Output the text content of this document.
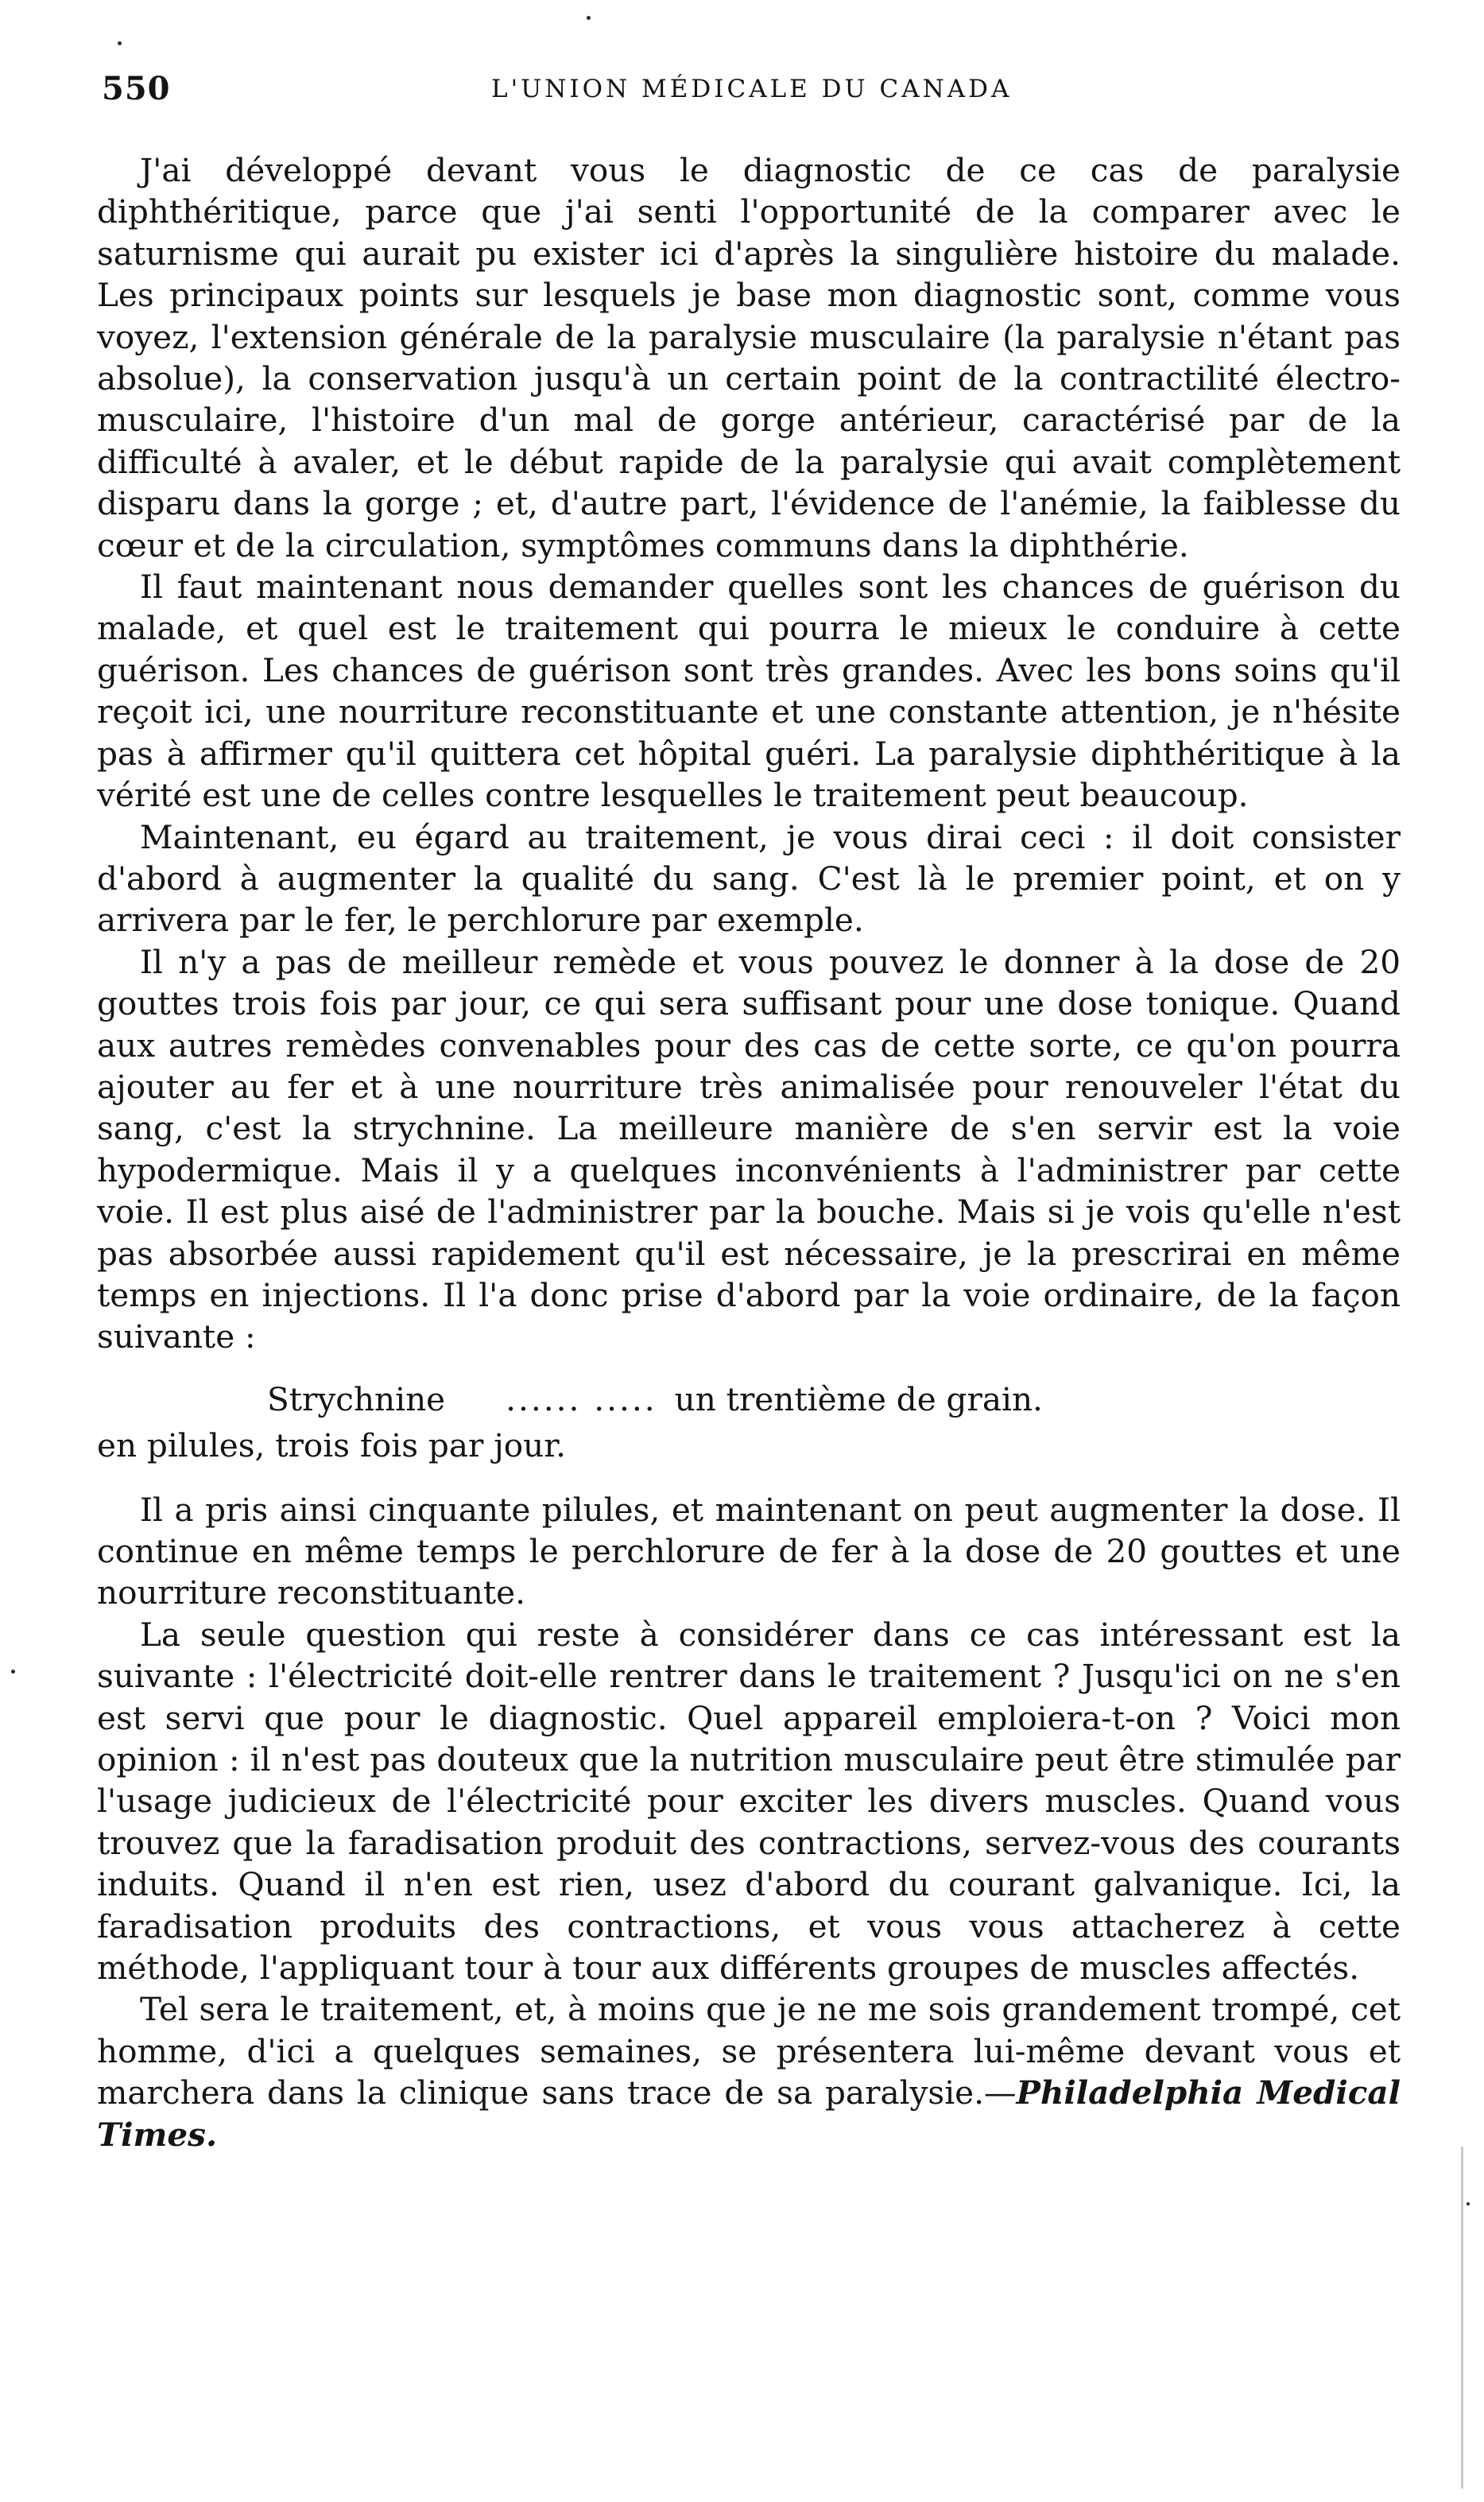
550	L'UNION MÉDICALE DU CANADA

J'ai développé devant vous le diagnostic de ce cas de paralysie diphthéritique, parce que j'ai senti l'opportunité de la comparer avec le saturnisme qui aurait pu exister ici d'après la singulière histoire du malade. Les principaux points sur lesquels je base mon diagnostic sont, comme vous voyez, l'extension générale de la paralysie musculaire (la paralysie n'étant pas absolue), la conservation jusqu'à un certain point de la contractilité électro-musculaire, l'histoire d'un mal de gorge antérieur, caractérisé par de la difficulté à avaler, et le début rapide de la paralysie qui avait complètement disparu dans la gorge ; et, d'autre part, l'évidence de l'anémie, la faiblesse du cœur et de la circulation, symptômes communs dans la diphthérie.

Il faut maintenant nous demander quelles sont les chances de guérison du malade, et quel est le traitement qui pourra le mieux le conduire à cette guérison. Les chances de guérison sont très grandes. Avec les bons soins qu'il reçoit ici, une nourriture reconstituante et une constante attention, je n'hésite pas à affirmer qu'il quittera cet hôpital guéri. La paralysie diphthéritique à la vérité est une de celles contre lesquelles le traitement peut beaucoup.

Maintenant, eu égard au traitement, je vous dirai ceci : il doit consister d'abord à augmenter la qualité du sang. C'est là le premier point, et on y arrivera par le fer, le perchlorure par exemple.

Il n'y a pas de meilleur remède et vous pouvez le donner à la dose de 20 gouttes trois fois par jour, ce qui sera suffisant pour une dose tonique. Quand aux autres remèdes convenables pour des cas de cette sorte, ce qu'on pourra ajouter au fer et à une nourriture très animalisée pour renouveler l'état du sang, c'est la strychnine. La meilleure manière de s'en servir est la voie hypodermique. Mais il y a quelques inconvénients à l'administrer par cette voie. Il est plus aisé de l'administrer par la bouche. Mais si je vois qu'elle n'est pas absorbée aussi rapidement qu'il est nécessaire, je la prescrirai en même temps en injections. Il l'a donc prise d'abord par la voie ordinaire, de la façon suivante :

Strychnine ...... ..... un trentième de grain.

en pilules, trois fois par jour.

Il a pris ainsi cinquante pilules, et maintenant on peut augmenter la dose. Il continue en même temps le perchlorure de fer à la dose de 20 gouttes et une nourriture reconstituante.

La seule question qui reste à considérer dans ce cas intéressant est la suivante : l'électricité doit-elle rentrer dans le traitement ? Jusqu'ici on ne s'en est servi que pour le diagnostic. Quel appareil emploiera-t-on ? Voici mon opinion : il n'est pas douteux que la nutrition musculaire peut être stimulée par l'usage judicieux de l'électricité pour exciter les divers muscles. Quand vous trouvez que la faradisation produit des contractions, servez-vous des courants induits. Quand il n'en est rien, usez d'abord du courant galvanique. Ici, la faradisation produits des contractions, et vous vous attacherez à cette méthode, l'appliquant tour à tour aux différents groupes de muscles affectés.

Tel sera le traitement, et, à moins que je ne me sois grandement trompé, cet homme, d'ici a quelques semaines, se présentera lui-même devant vous et marchera dans la clinique sans trace de sa paralysie.—Philadelphia Medical Times.
